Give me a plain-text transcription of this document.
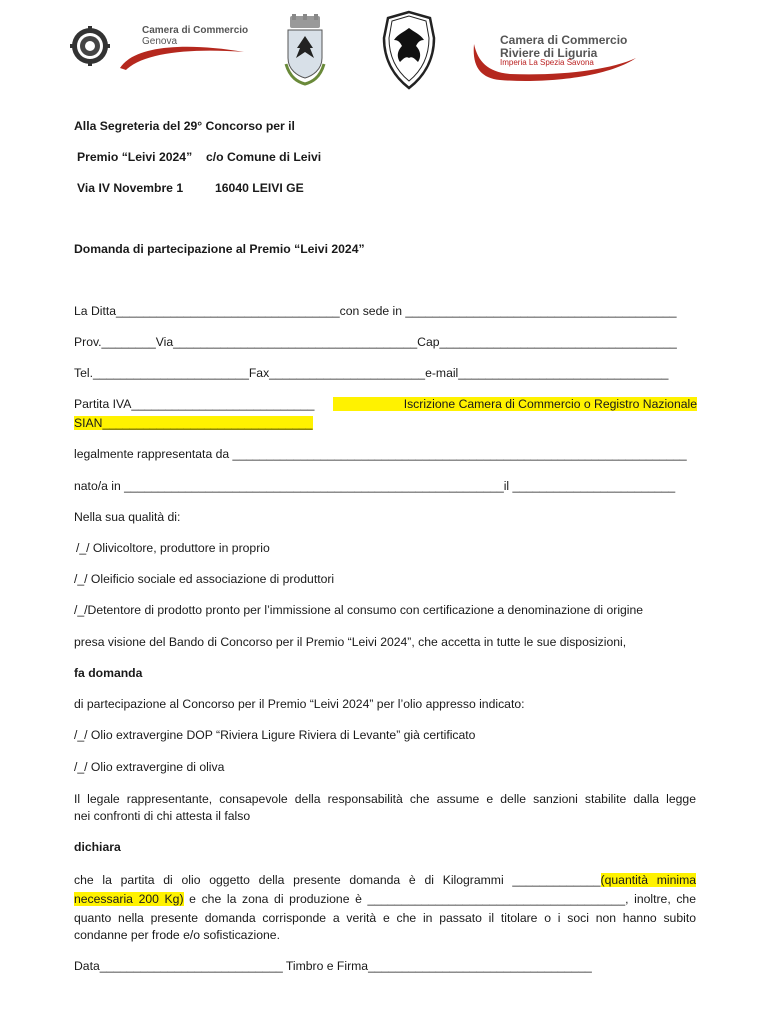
Camera di Commercio
Genova	Camera di Commercio
Riviere di Liguria
Imperia La Spezia Savona
Alla Segreteria del 29° Concorso per il
Premio “Leivi 2024” c/o Comune di Leivi
Via IV Novembre 1	16040 LEIVI GE
Domanda di partecipazione al Premio “Leivi 2024”
La Ditta_________________________________con sede in ________________________________________
Prov.________Via____________________________________Cap___________________________________
Tel._______________________Fax_______________________e-mail_______________________________
Partita IVA___________________________	Iscrizione Camera di Commercio o Registro Nazionale
SIAN_______________________________
legalmente rappresentata da ___________________________________________________________________
nato/a in ________________________________________________________il ________________________
Nella sua qualità di:
/_/ Olivicoltore, produttore in proprio
/_/ Oleificio sociale ed associazione di produttori
/_/Detentore di prodotto pronto per l’immissione al consumo con certificazione a denominazione di origine
presa visione del Bando di Concorso per il Premio “Leivi 2024”, che accetta in tutte le sue disposizioni,
fa domanda
di partecipazione al Concorso per il Premio “Leivi 2024” per l’olio appresso indicato:
/_/ Olio extravergine DOP “Riviera Ligure Riviera di Levante” già certificato
/_/ Olio extravergine di oliva
Il legale rappresentante, consapevole della responsabilità che assume e delle sanzioni stabilite dalla legge
nei confronti di chi attesta il falso
dichiara
che la partita di olio oggetto della presente domanda è di Kilogrammi _____________(quantità minima
necessaria 200 Kg) e che la zona di produzione è ______________________________________, inoltre, che
quanto nella presente domanda corrisponde a verità e che in passato il titolare o i soci non hanno subito
condanne per frode e/o sofisticazione.
Data___________________________ Timbro e Firma_________________________________
